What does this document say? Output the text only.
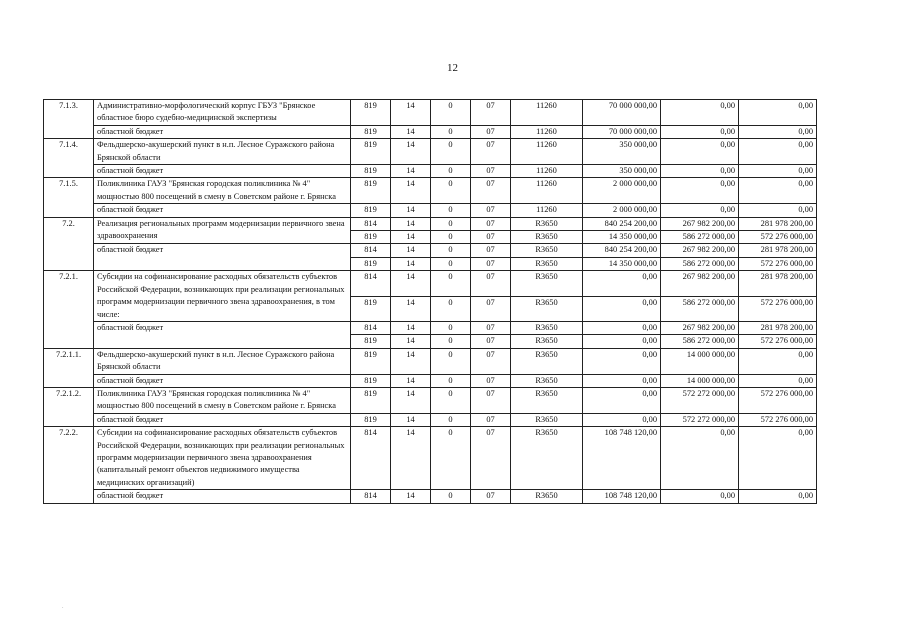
12
7.1.3.	Административно-морфологический корпус ГБУЗ "Брянское областное бюро судебно-медицинской экспертизы	819	14	0	07	11260	70 000 000,00	0,00	0,00
	областной бюджет	819	14	0	07	11260	70 000 000,00	0,00	0,00
7.1.4.	Фельдшерско-акушерский пункт в н.п. Лесное Суражского района Брянской области	819	14	0	07	11260	350 000,00	0,00	0,00
	областной бюджет	819	14	0	07	11260	350 000,00	0,00	0,00
7.1.5.	Поликлиника ГАУЗ "Брянская городская поликлиника № 4" мощностью 800 посещений в смену в Советском районе г. Брянска	819	14	0	07	11260	2 000 000,00	0,00	0,00
	областной бюджет	819	14	0	07	11260	2 000 000,00	0,00	0,00
7.2.	Реализация региональных программ модернизации первичного звена здравоохранения	814	14	0	07	R3650	840 254 200,00	267 982 200,00	281 978 200,00
		819	14	0	07	R3650	14 350 000,00	586 272 000,00	572 276 000,00
	областной бюджет	814	14	0	07	R3650	840 254 200,00	267 982 200,00	281 978 200,00
		819	14	0	07	R3650	14 350 000,00	586 272 000,00	572 276 000,00
7.2.1.	Субсидии на софинансирование расходных обязательств субъектов Российской Федерации, возникающих при реализации региональных программ модернизации первичного звена здравоохранения, в том числе:	814	14	0	07	R3650	0,00	267 982 200,00	281 978 200,00
		819	14	0	07	R3650	0,00	586 272 000,00	572 276 000,00
	областной бюджет	814	14	0	07	R3650	0,00	267 982 200,00	281 978 200,00
		819	14	0	07	R3650	0,00	586 272 000,00	572 276 000,00
7.2.1.1.	Фельдшерско-акушерский пункт в н.п. Лесное Суражского района Брянской области	819	14	0	07	R3650	0,00	14 000 000,00	0,00
	областной бюджет	819	14	0	07	R3650	0,00	14 000 000,00	0,00
7.2.1.2.	Поликлиника ГАУЗ "Брянская городская поликлиника № 4" мощностью 800 посещений в смену в Советском районе г. Брянска	819	14	0	07	R3650	0,00	572 272 000,00	572 276 000,00
	областной бюджет	819	14	0	07	R3650	0,00	572 272 000,00	572 276 000,00
7.2.2.	Субсидии на софинансирование расходных обязательств субъектов Российской Федерации, возникающих при реализации региональных программ модернизации первичного звена здравоохранения (капитальный ремонт объектов недвижимого имущества медицинских организаций)	814	14	0	07	R3650	108 748 120,00	0,00	0,00
	областной бюджет	814	14	0	07	R3650	108 748 120,00	0,00	0,00
.
